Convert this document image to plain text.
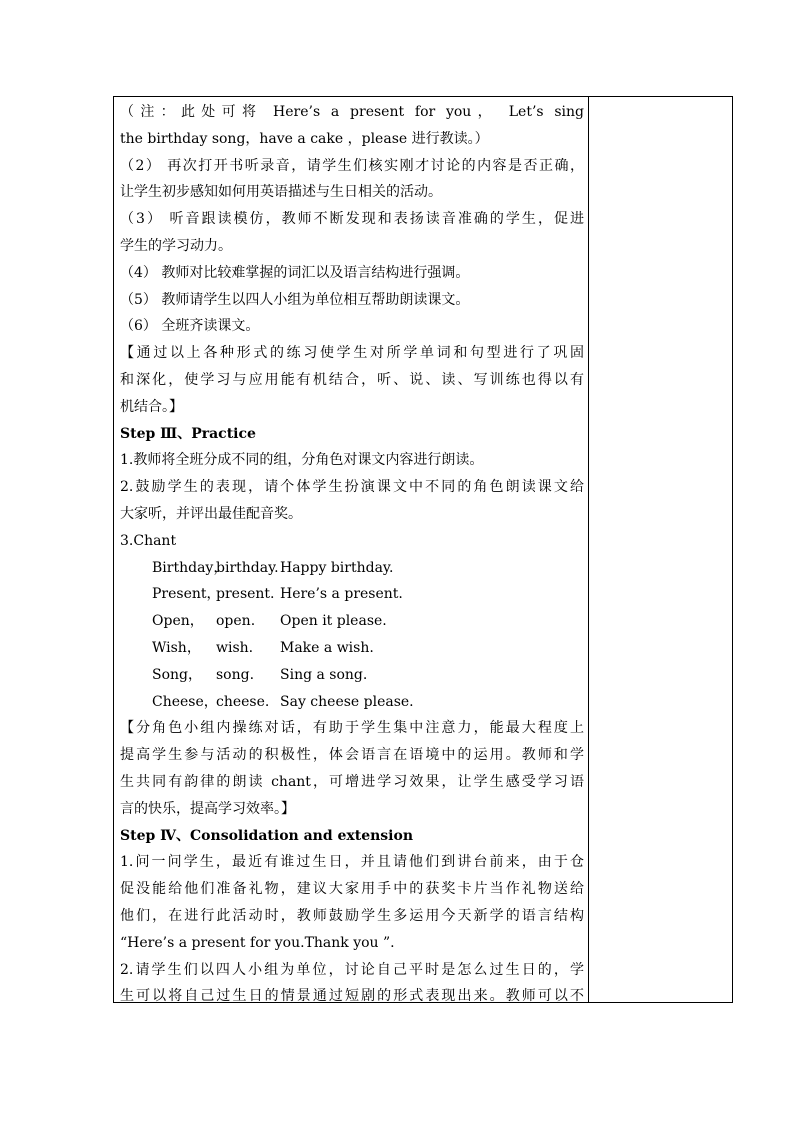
（注：此处可将 Here’s a present for you， Let’s sing
the birthday song，have a cake ，please 进行教读。）
（2） 再次打开书听录音，请学生们核实刚才讨论的内容是否正确，
让学生初步感知如何用英语描述与生日相关的活动。
（3） 听音跟读模仿，教师不断发现和表扬读音准确的学生，促进
学生的学习动力。
（4） 教师对比较难掌握的词汇以及语言结构进行强调。
（5） 教师请学生以四人小组为单位相互帮助朗读课文。
（6） 全班齐读课文。
【通过以上各种形式的练习使学生对所学单词和句型进行了巩固
和深化，使学习与应用能有机结合，听、说、读、写训练也得以有
机结合。】
Step Ⅲ、Practice
1.教师将全班分成不同的组，分角色对课文内容进行朗读。
2.鼓励学生的表现，请个体学生扮演课文中不同的角色朗读课文给
大家听，并评出最佳配音奖。
3.Chant
Birthday，birthday.Happy birthday.
Present，present. Here’s a present.
Open， open. Open it please.
Wish， wish. Make a wish.
Song， song. Sing a song.
Cheese，cheese. Say cheese please.
【分角色小组内操练对话，有助于学生集中注意力，能最大程度上
提高学生参与活动的积极性，体会语言在语境中的运用。教师和学
生共同有韵律的朗读 chant，可增进学习效果，让学生感受学习语
言的快乐，提高学习效率。】
Step Ⅳ、Consolidation and extension
1.问一问学生，最近有谁过生日，并且请他们到讲台前来，由于仓
促没能给他们准备礼物，建议大家用手中的获奖卡片当作礼物送给
他们，在进行此活动时，教师鼓励学生多运用今天新学的语言结构
“Here’s a present for you.Thank you ”.
2.请学生们以四人小组为单位，讨论自己平时是怎么过生日的，学
生可以将自己过生日的情景通过短剧的形式表现出来。教师可以不
